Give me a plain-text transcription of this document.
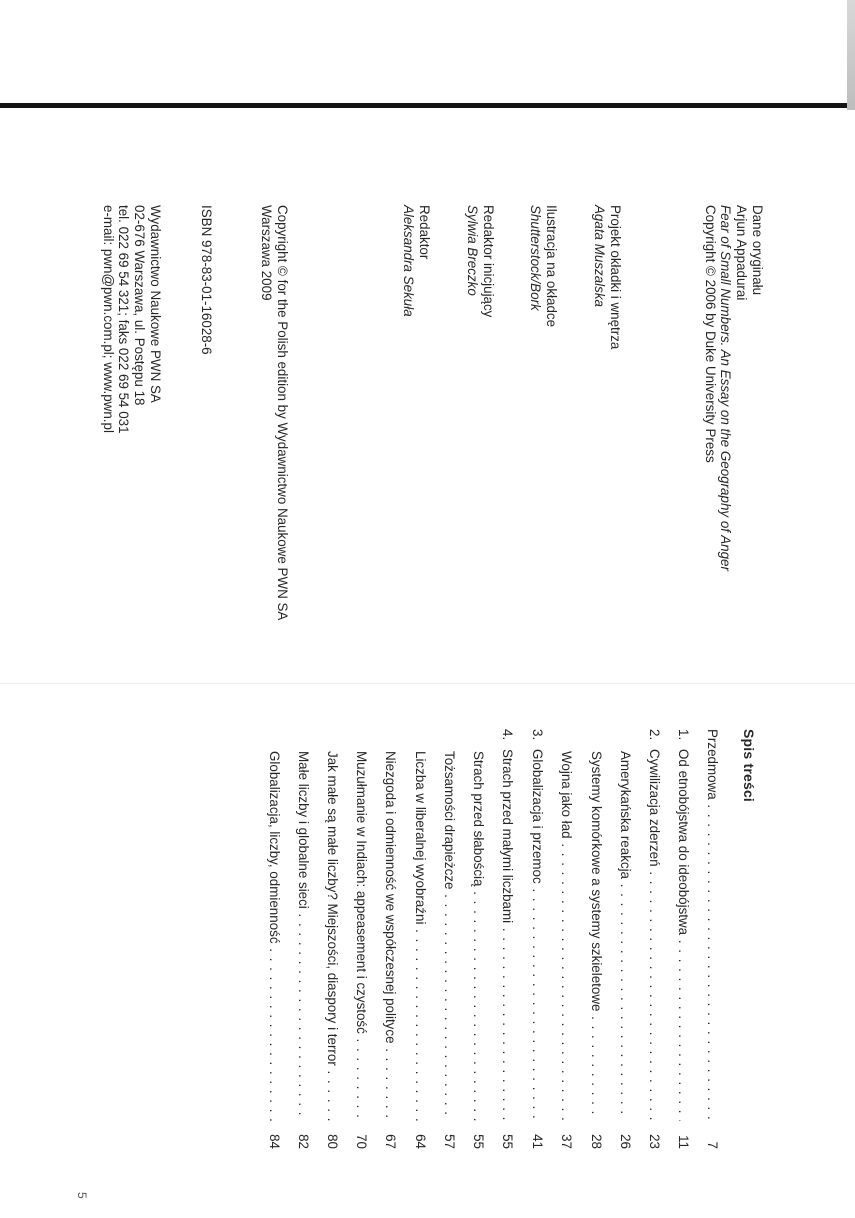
Dane oryginału
Arjun Appadurai
Fear of Small Numbers. An Essay on the Geography of Anger
Copyright © 2006 by Duke University Press
Projekt okładki i wnętrza
Agata Muszalska
Ilustracja na okładce
Shutterstock/Bork
Redaktor inicjujący
Sylwia Breczko
Redaktor
Aleksandra Sekuła
Copyright © for the Polish edition by Wydawnictwo Naukowe PWN SA
Warszawa 2009
ISBN 978-83-01-16028-6
Wydawnictwo Naukowe PWN SA
02-676 Warszawa, ul. Postępu 18
tel. 022 69 54 321; faks 022 69 54 031
e-mail: pwn@pwn.com.pl; www.pwn.pl
Spis treści
Przedmowa . . .
7
1.
Od etnobójstwa do ideobójstwa . . .
11
2.
Cywilizacja zderzeń . . .
23
Amerykańska reakcja . . .
26
Systemy komórkowe a systemy szkieletowe . . .
28
Wojna jako ład . . .
37
3.
Globalizacja i przemoc . . .
41
4.
Strach przed małymi liczbami . . .
55
Strach przed słabością . . .
55
Tożsamości drapieżcze . . .
57
Liczba w liberalnej wyobraźni . . .
64
Niezgoda i odmienność we współczesnej polityce . . .
67
Muzułmanie w Indiach: appeasement i czystość . . .
70
Jak małe są małe liczby? Miejszości, diaspory i terror . . .
80
Małe liczby i globalne sieci . . .
82
Globalizacja, liczby, odmienność . . .
84
5
